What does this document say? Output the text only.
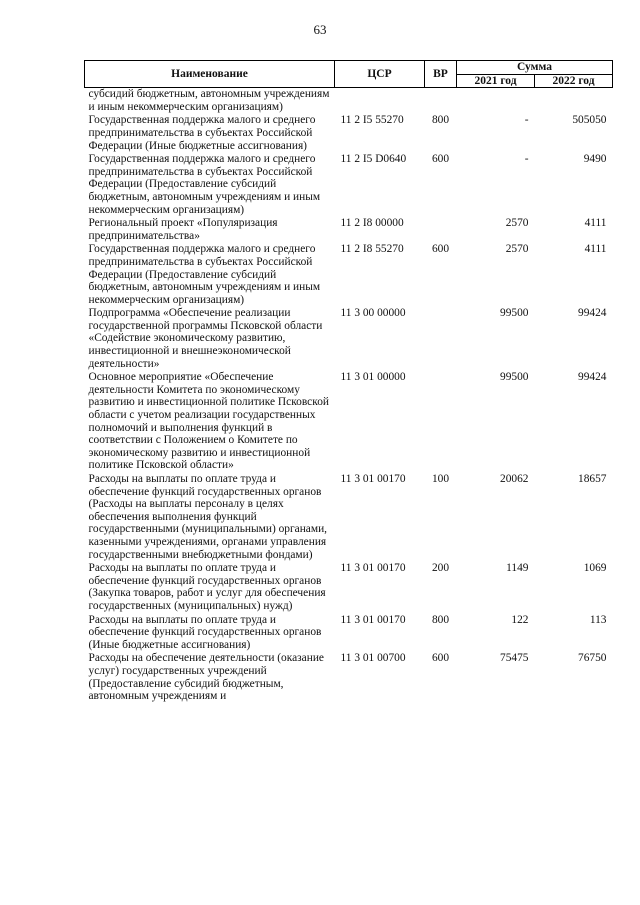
63
Наименование	ЦСР	ВР	Сумма	
			2021 год	2022 год
субсидий бюджетным, автономным учреждениям и иным некоммерческим организациям)				
Государственная поддержка малого и среднего предпринимательства в субъектах Российской Федерации (Иные бюджетные ассигнования)	11 2 I5 55270	800	-	505050
Государственная поддержка малого и среднего предпринимательства в субъектах Российской Федерации (Предоставление субсидий бюджетным, автономным учреждениям и иным некоммерческим организациям)	11 2 I5 D0640	600	-	9490
Региональный проект «Популяризация предпринимательства»	11 2 I8 00000		2570	4111
Государственная поддержка малого и среднего предпринимательства в субъектах Российской Федерации (Предоставление субсидий бюджетным, автономным учреждениям и иным некоммерческим организациям)	11 2 I8 55270	600	2570	4111
Подпрограмма «Обеспечение реализации государственной программы Псковской области «Содействие экономическому развитию, инвестиционной и внешнеэкономической деятельности»	11 3 00 00000		99500	99424
Основное мероприятие «Обеспечение деятельности Комитета по экономическому развитию и инвестиционной политике Псковской области с учетом реализации государственных полномочий и выполнения функций в соответствии с Положением о Комитете по экономическому развитию и инвестиционной политике Псковской области»	11 3 01 00000		99500	99424
Расходы на выплаты по оплате труда и обеспечение функций государственных органов (Расходы на выплаты персоналу в целях обеспечения выполнения функций государственными (муниципальными) органами, казенными учреждениями, органами управления государственными внебюджетными фондами)	11 3 01 00170	100	20062	18657
Расходы на выплаты по оплате труда и обеспечение функций государственных органов (Закупка товаров, работ и услуг для обеспечения государственных (муниципальных) нужд)	11 3 01 00170	200	1149	1069
Расходы на выплаты по оплате труда и обеспечение функций государственных органов (Иные бюджетные ассигнования)	11 3 01 00170	800	122	113
Расходы на обеспечение деятельности (оказание услуг) государственных учреждений (Предоставление субсидий бюджетным, автономным учреждениям и	11 3 01 00700	600	75475	76750
